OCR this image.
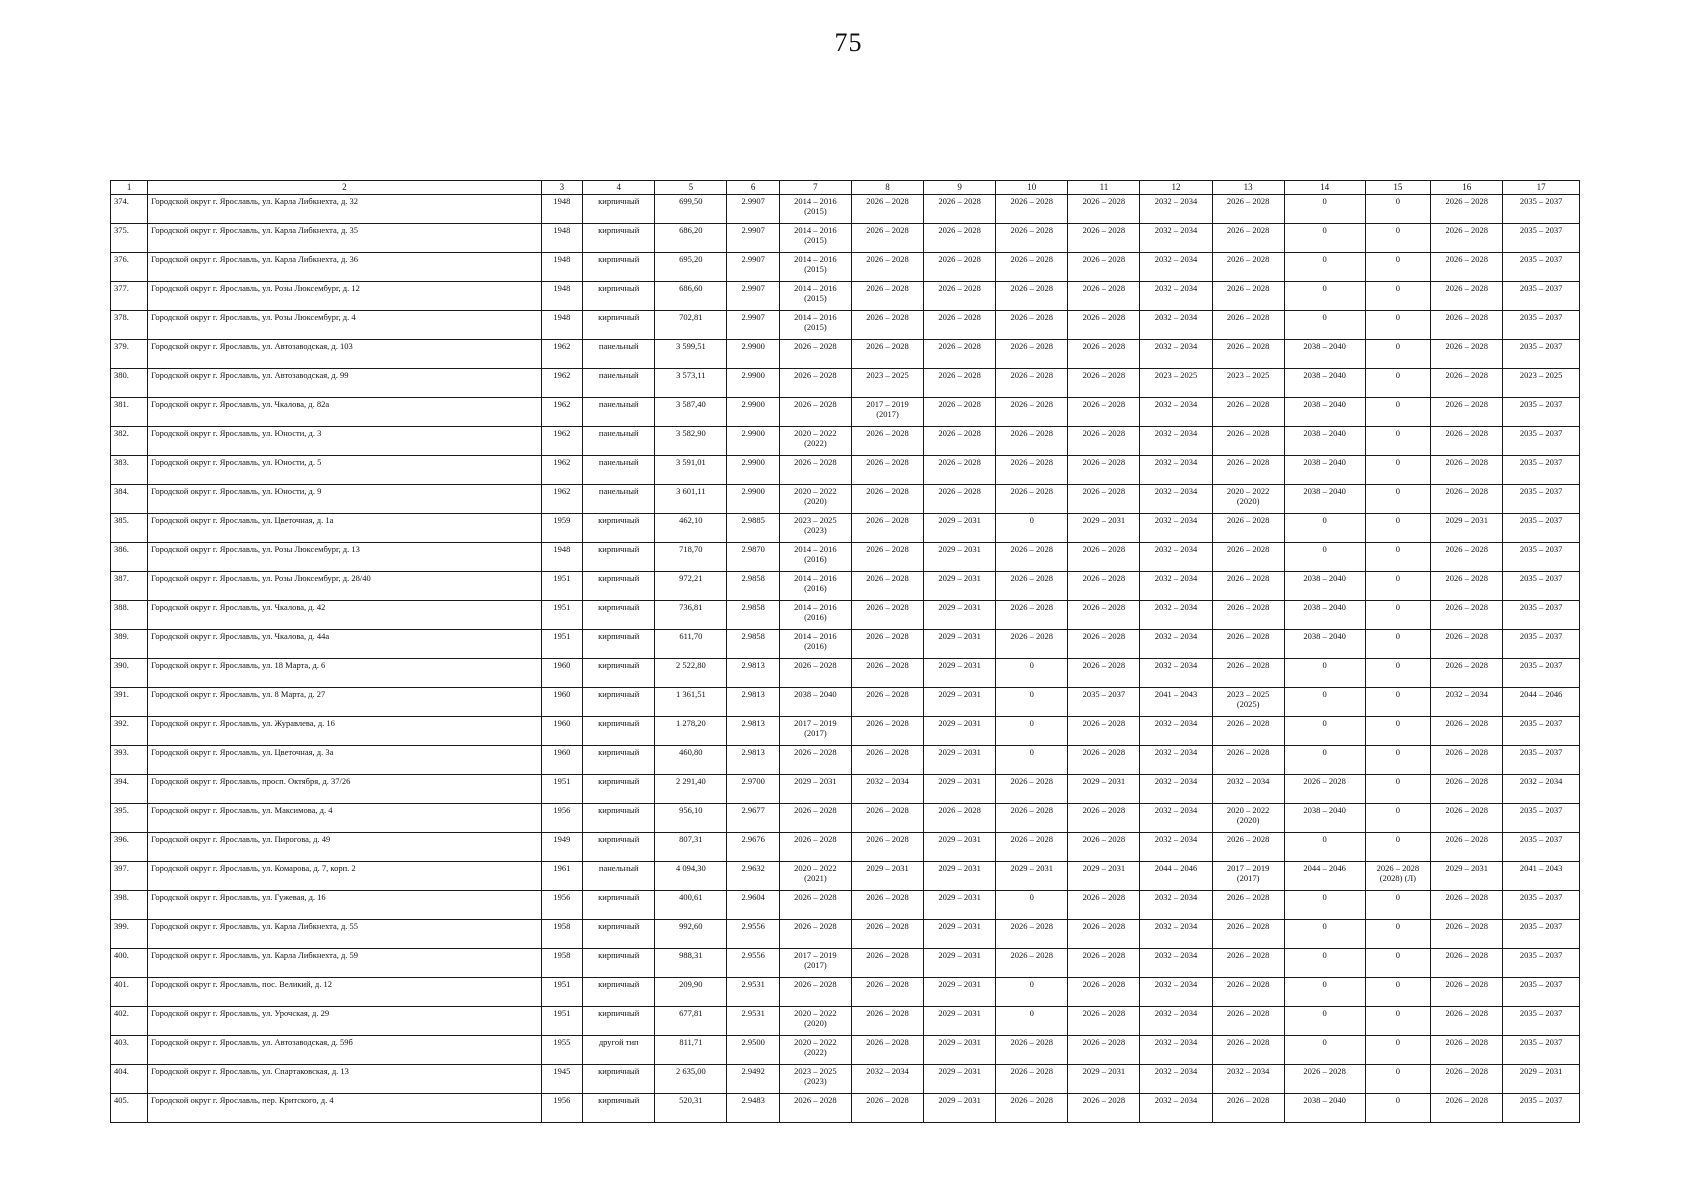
75
1	2	3	4	5	6	7	8	9	10	11	12	13	14	15	16	17
374.	Городской округ г. Ярославль, ул. Карла Либкнехта, д. 32	1948	кирпичный	699,50	2.9907	2014 – 2016 (2015)	2026 – 2028	2026 – 2028	2026 – 2028	2026 – 2028	2032 – 2034	2026 – 2028	0	0	2026 – 2028	2035 – 2037
375.	Городской округ г. Ярославль, ул. Карла Либкнехта, д. 35	1948	кирпичный	686,20	2.9907	2014 – 2016 (2015)	2026 – 2028	2026 – 2028	2026 – 2028	2026 – 2028	2032 – 2034	2026 – 2028	0	0	2026 – 2028	2035 – 2037
376.	Городской округ г. Ярославль, ул. Карла Либкнехта, д. 36	1948	кирпичный	695,20	2.9907	2014 – 2016 (2015)	2026 – 2028	2026 – 2028	2026 – 2028	2026 – 2028	2032 – 2034	2026 – 2028	0	0	2026 – 2028	2035 – 2037
377.	Городской округ г. Ярославль, ул. Розы Люксембург, д. 12	1948	кирпичный	686,60	2.9907	2014 – 2016 (2015)	2026 – 2028	2026 – 2028	2026 – 2028	2026 – 2028	2032 – 2034	2026 – 2028	0	0	2026 – 2028	2035 – 2037
378.	Городской округ г. Ярославль, ул. Розы Люксембург, д. 4	1948	кирпичный	702,81	2.9907	2014 – 2016 (2015)	2026 – 2028	2026 – 2028	2026 – 2028	2026 – 2028	2032 – 2034	2026 – 2028	0	0	2026 – 2028	2035 – 2037
379.	Городской округ г. Ярославль, ул. Автозаводская, д. 103	1962	панельный	3 599,51	2.9900	2026 – 2028	2026 – 2028	2026 – 2028	2026 – 2028	2026 – 2028	2032 – 2034	2026 – 2028	2038 – 2040	0	2026 – 2028	2035 – 2037
380.	Городской округ г. Ярославль, ул. Автозаводская, д. 99	1962	панельный	3 573,11	2.9900	2026 – 2028	2023 – 2025	2026 – 2028	2026 – 2028	2026 – 2028	2023 – 2025	2023 – 2025	2038 – 2040	0	2026 – 2028	2023 – 2025
381.	Городской округ г. Ярославль, ул. Чкалова, д. 82а	1962	панельный	3 587,40	2.9900	2026 – 2028	2017 – 2019 (2017)	2026 – 2028	2026 – 2028	2026 – 2028	2032 – 2034	2026 – 2028	2038 – 2040	0	2026 – 2028	2035 – 2037
382.	Городской округ г. Ярославль, ул. Юности, д. 3	1962	панельный	3 582,90	2.9900	2020 – 2022 (2022)	2026 – 2028	2026 – 2028	2026 – 2028	2026 – 2028	2032 – 2034	2026 – 2028	2038 – 2040	0	2026 – 2028	2035 – 2037
383.	Городской округ г. Ярославль, ул. Юности, д. 5	1962	панельный	3 591,01	2.9900	2026 – 2028	2026 – 2028	2026 – 2028	2026 – 2028	2026 – 2028	2032 – 2034	2026 – 2028	2038 – 2040	0	2026 – 2028	2035 – 2037
384.	Городской округ г. Ярославль, ул. Юности, д. 9	1962	панельный	3 601,11	2.9900	2020 – 2022 (2020)	2026 – 2028	2026 – 2028	2026 – 2028	2026 – 2028	2032 – 2034	2020 – 2022 (2020)	2038 – 2040	0	2026 – 2028	2035 – 2037
385.	Городской округ г. Ярославль, ул. Цветочная, д. 1а	1959	кирпичный	462,10	2.9885	2023 – 2025 (2023)	2026 – 2028	2029 – 2031	0	2029 – 2031	2032 – 2034	2026 – 2028	0	0	2029 – 2031	2035 – 2037
386.	Городской округ г. Ярославль, ул. Розы Люксембург, д. 13	1948	кирпичный	718,70	2.9870	2014 – 2016 (2016)	2026 – 2028	2029 – 2031	2026 – 2028	2026 – 2028	2032 – 2034	2026 – 2028	0	0	2026 – 2028	2035 – 2037
387.	Городской округ г. Ярославль, ул. Розы Люксембург, д. 28/40	1951	кирпичный	972,21	2.9858	2014 – 2016 (2016)	2026 – 2028	2029 – 2031	2026 – 2028	2026 – 2028	2032 – 2034	2026 – 2028	2038 – 2040	0	2026 – 2028	2035 – 2037
388.	Городской округ г. Ярославль, ул. Чкалова, д. 42	1951	кирпичный	736,81	2.9858	2014 – 2016 (2016)	2026 – 2028	2029 – 2031	2026 – 2028	2026 – 2028	2032 – 2034	2026 – 2028	2038 – 2040	0	2026 – 2028	2035 – 2037
389.	Городской округ г. Ярославль, ул. Чкалова, д. 44а	1951	кирпичный	611,70	2.9858	2014 – 2016 (2016)	2026 – 2028	2029 – 2031	2026 – 2028	2026 – 2028	2032 – 2034	2026 – 2028	2038 – 2040	0	2026 – 2028	2035 – 2037
390.	Городской округ г. Ярославль, ул. 18 Марта, д. 6	1960	кирпичный	2 522,80	2.9813	2026 – 2028	2026 – 2028	2029 – 2031	0	2026 – 2028	2032 – 2034	2026 – 2028	0	0	2026 – 2028	2035 – 2037
391.	Городской округ г. Ярославль, ул. 8 Марта, д. 27	1960	кирпичный	1 361,51	2.9813	2038 – 2040	2026 – 2028	2029 – 2031	0	2035 – 2037	2041 – 2043	2023 – 2025 (2025)	0	0	2032 – 2034	2044 – 2046
392.	Городской округ г. Ярославль, ул. Журавлева, д. 16	1960	кирпичный	1 278,20	2.9813	2017 – 2019 (2017)	2026 – 2028	2029 – 2031	0	2026 – 2028	2032 – 2034	2026 – 2028	0	0	2026 – 2028	2035 – 2037
393.	Городской округ г. Ярославль, ул. Цветочная, д. 3а	1960	кирпичный	460,80	2.9813	2026 – 2028	2026 – 2028	2029 – 2031	0	2026 – 2028	2032 – 2034	2026 – 2028	0	0	2026 – 2028	2035 – 2037
394.	Городской округ г. Ярославль, просп. Октября, д. 37/26	1951	кирпичный	2 291,40	2.9700	2029 – 2031	2032 – 2034	2029 – 2031	2026 – 2028	2029 – 2031	2032 – 2034	2032 – 2034	2026 – 2028	0	2026 – 2028	2032 – 2034
395.	Городской округ г. Ярославль, ул. Максимова, д. 4	1956	кирпичный	956,10	2.9677	2026 – 2028	2026 – 2028	2026 – 2028	2026 – 2028	2026 – 2028	2032 – 2034	2020 – 2022 (2020)	2038 – 2040	0	2026 – 2028	2035 – 2037
396.	Городской округ г. Ярославль, ул. Пирогова, д. 49	1949	кирпичный	807,31	2.9676	2026 – 2028	2026 – 2028	2029 – 2031	2026 – 2028	2026 – 2028	2032 – 2034	2026 – 2028	0	0	2026 – 2028	2035 – 2037
397.	Городской округ г. Ярославль, ул. Комарова, д. 7, корп. 2	1961	панельный	4 094,30	2.9632	2020 – 2022 (2021)	2029 – 2031	2029 – 2031	2029 – 2031	2029 – 2031	2044 – 2046	2017 – 2019 (2017)	2044 – 2046	2026 – 2028 (2028) (Л)	2029 – 2031	2041 – 2043
398.	Городской округ г. Ярославль, ул. Гужевая, д. 16	1956	кирпичный	400,61	2.9604	2026 – 2028	2026 – 2028	2029 – 2031	0	2026 – 2028	2032 – 2034	2026 – 2028	0	0	2026 – 2028	2035 – 2037
399.	Городской округ г. Ярославль, ул. Карла Либкнехта, д. 55	1958	кирпичный	992,60	2.9556	2026 – 2028	2026 – 2028	2029 – 2031	2026 – 2028	2026 – 2028	2032 – 2034	2026 – 2028	0	0	2026 – 2028	2035 – 2037
400.	Городской округ г. Ярославль, ул. Карла Либкнехта, д. 59	1958	кирпичный	988,31	2.9556	2017 – 2019 (2017)	2026 – 2028	2029 – 2031	2026 – 2028	2026 – 2028	2032 – 2034	2026 – 2028	0	0	2026 – 2028	2035 – 2037
401.	Городской округ г. Ярославль, пос. Великий, д. 12	1951	кирпичный	209,90	2.9531	2026 – 2028	2026 – 2028	2029 – 2031	0	2026 – 2028	2032 – 2034	2026 – 2028	0	0	2026 – 2028	2035 – 2037
402.	Городской округ г. Ярославль, ул. Урочская, д. 29	1951	кирпичный	677,81	2.9531	2020 – 2022 (2020)	2026 – 2028	2029 – 2031	0	2026 – 2028	2032 – 2034	2026 – 2028	0	0	2026 – 2028	2035 – 2037
403.	Городской округ г. Ярославль, ул. Автозаводская, д. 59б	1955	другой тип	811,71	2.9500	2020 – 2022 (2022)	2026 – 2028	2029 – 2031	2026 – 2028	2026 – 2028	2032 – 2034	2026 – 2028	0	0	2026 – 2028	2035 – 2037
404.	Городской округ г. Ярославль, ул. Спартаковская, д. 13	1945	кирпичный	2 635,00	2.9492	2023 – 2025 (2023)	2032 – 2034	2029 – 2031	2026 – 2028	2029 – 2031	2032 – 2034	2032 – 2034	2026 – 2028	0	2026 – 2028	2029 – 2031
405.	Городской округ г. Ярославль, пер. Критского, д. 4	1956	кирпичный	520,31	2.9483	2026 – 2028	2026 – 2028	2029 – 2031	2026 – 2028	2026 – 2028	2032 – 2034	2026 – 2028	2038 – 2040	0	2026 – 2028	2035 – 2037
